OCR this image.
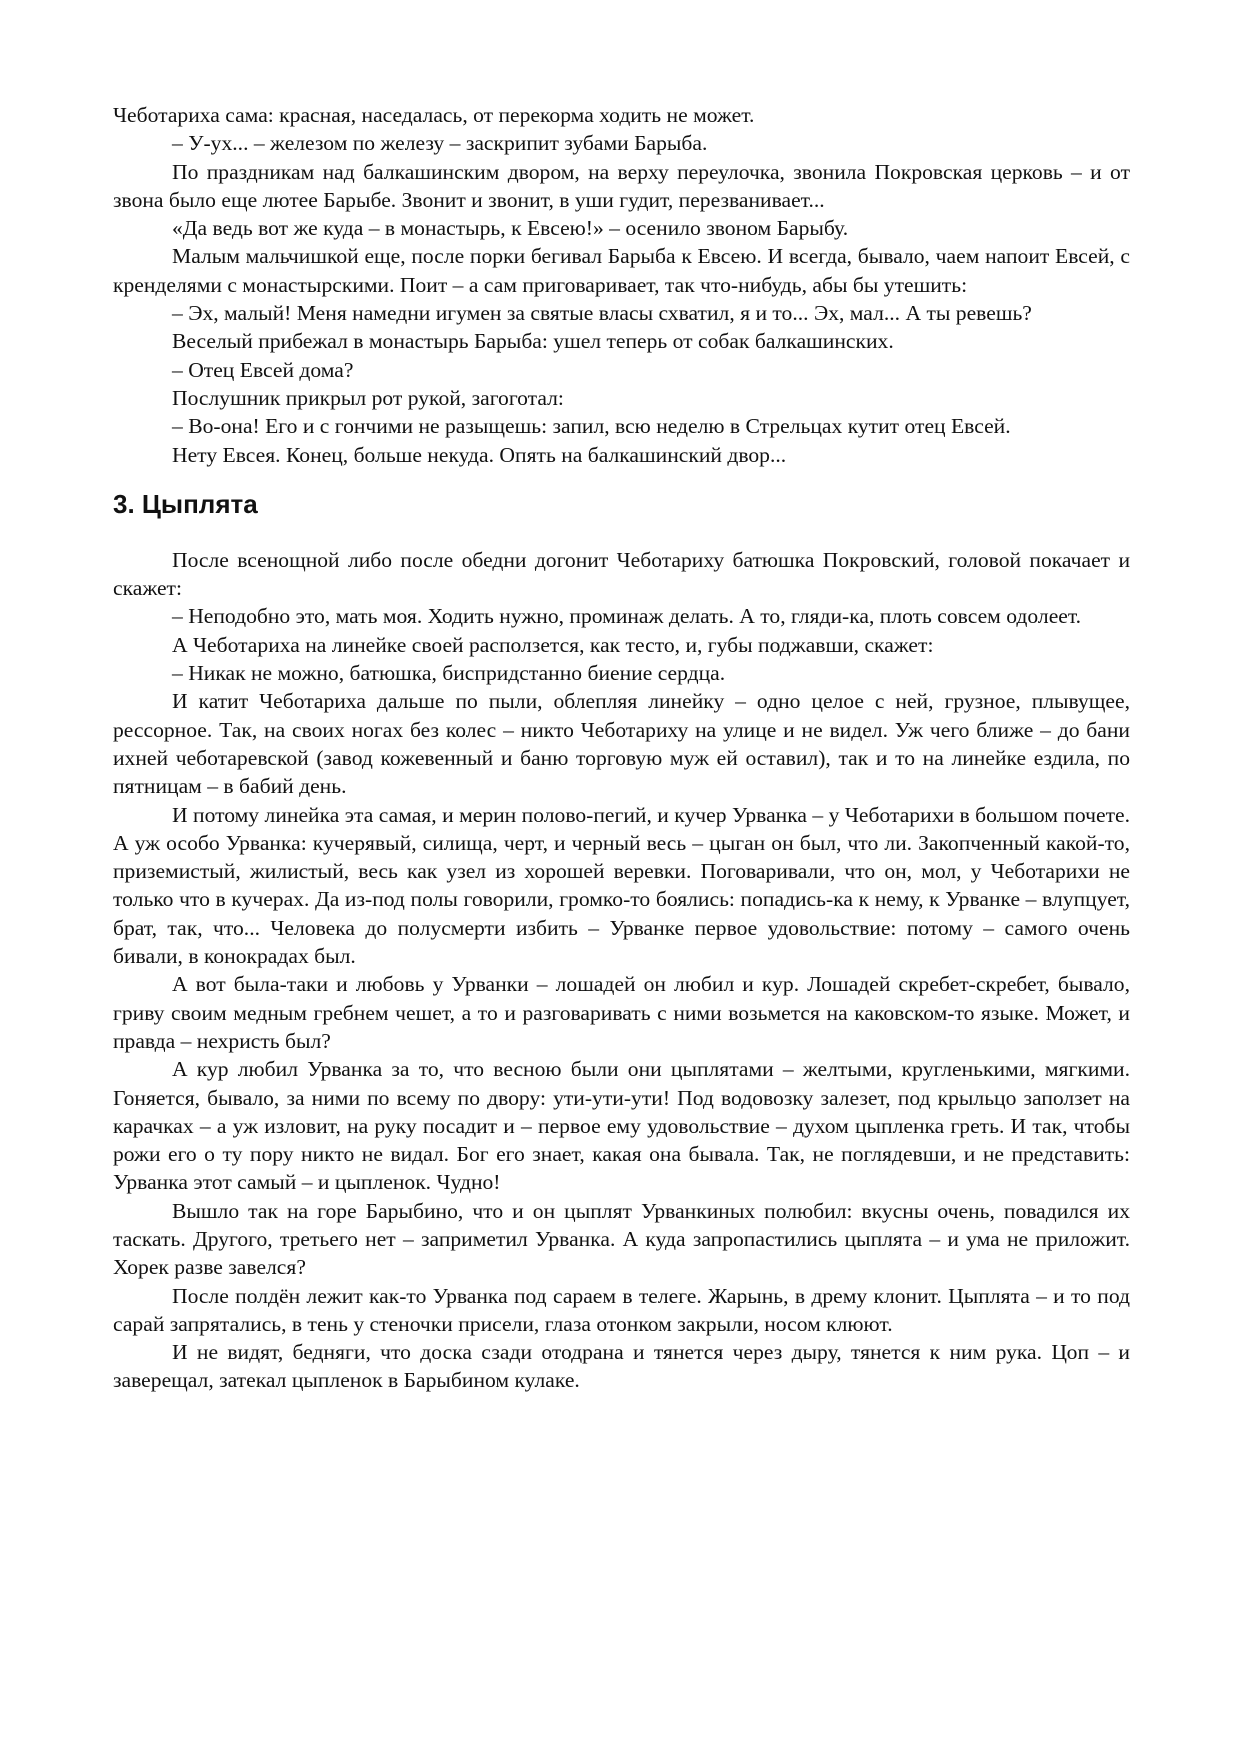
Чеботариха сама: красная, наседалась, от перекорма ходить не может.

– У-ух... – железом по железу – заскрипит зубами Барыба.

По праздникам над балкашинским двором, на верху переулочка, звонила Покровская церковь – и от звона было еще лютее Барыбе. Звонит и звонит, в уши гудит, перезванивает...

«Да ведь вот же куда – в монастырь, к Евсею!» – осенило звоном Барыбу.

Малым мальчишкой еще, после порки бегивал Барыба к Евсею. И всегда, бывало, чаем напоит Евсей, с кренделями с монастырскими. Поит – а сам приговаривает, так что-нибудь, абы бы утешить:

– Эх, малый! Меня намедни игумен за святые власы схватил, я и то... Эх, мал... А ты ревешь?

Веселый прибежал в монастырь Барыба: ушел теперь от собак балкашинских.

– Отец Евсей дома?

Послушник прикрыл рот рукой, загоготал:

– Во-она! Его и с гончими не разыщешь: запил, всю неделю в Стрельцах кутит отец Евсей.

Нету Евсея. Конец, больше некуда. Опять на балкашинский двор...

3. Цыплята

После всенощной либо после обедни догонит Чеботариху батюшка Покровский, головой покачает и скажет:

– Неподобно это, мать моя. Ходить нужно, проминаж делать. А то, гляди-ка, плоть совсем одолеет.

А Чеботариха на линейке своей расползется, как тесто, и, губы поджавши, скажет:

– Никак не можно, батюшка, биспридстанно биение сердца.

И катит Чеботариха дальше по пыли, облепляя линейку – одно целое с ней, грузное, плывущее, рессорное. Так, на своих ногах без колес – никто Чеботариху на улице и не видел. Уж чего ближе – до бани ихней чеботаревской (завод кожевенный и баню торговую муж ей оставил), так и то на линейке ездила, по пятницам – в бабий день.

И потому линейка эта самая, и мерин полово-пегий, и кучер Урванка – у Чеботарихи в большом почете. А уж особо Урванка: кучерявый, силища, черт, и черный весь – цыган он был, что ли. Закопченный какой-то, приземистый, жилистый, весь как узел из хорошей веревки. Поговаривали, что он, мол, у Чеботарихи не только что в кучерах. Да из-под полы говорили, громко-то боялись: попадись-ка к нему, к Урванке – влупцует, брат, так, что... Человека до полусмерти избить – Урванке первое удовольствие: потому – самого очень бивали, в конокрадах был.

А вот была-таки и любовь у Урванки – лошадей он любил и кур. Лошадей скребет-скребет, бывало, гриву своим медным гребнем чешет, а то и разговаривать с ними возьмется на каковском-то языке. Может, и правда – нехристь был?

А кур любил Урванка за то, что весною были они цыплятами – желтыми, кругленькими, мягкими. Гоняется, бывало, за ними по всему по двору: ути-ути-ути! Под водовозку залезет, под крыльцо заползет на карачках – а уж изловит, на руку посадит и – первое ему удовольствие – духом цыпленка греть. И так, чтобы рожи его о ту пору никто не видал. Бог его знает, какая она бывала. Так, не поглядевши, и не представить: Урванка этот самый – и цыпленок. Чудно!

Вышло так на горе Барыбино, что и он цыплят Урванкиных полюбил: вкусны очень, повадился их таскать. Другого, третьего нет – заприметил Урванка. А куда запропастились цыплята – и ума не приложит. Хорек разве завелся?

После полдён лежит как-то Урванка под сараем в телеге. Жарынь, в дрему клонит. Цыплята – и то под сарай запрятались, в тень у стеночки присели, глаза отонком закрыли, носом клюют.

И не видят, бедняги, что доска сзади отодрана и тянется через дыру, тянется к ним рука. Цоп – и заверещал, затекал цыпленок в Барыбином кулаке.
